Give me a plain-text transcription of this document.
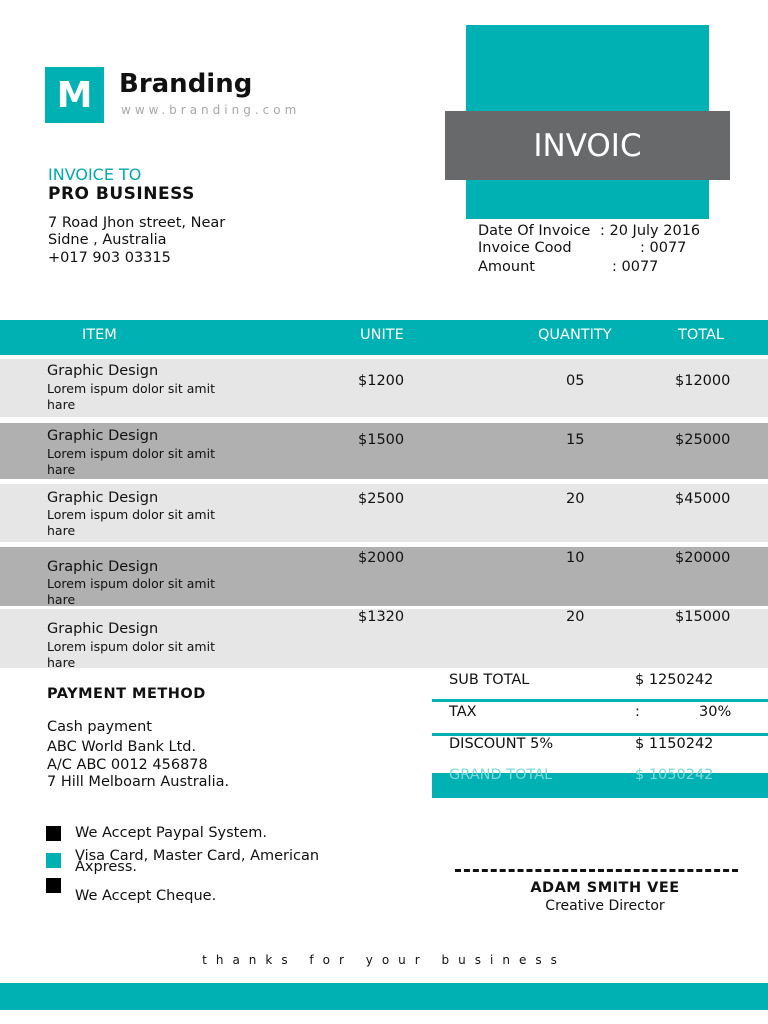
M	Branding
www.branding.com
INVOIC
INVOICE TO
PRO BUSINESS
7 Road Jhon street, Near
Sidne , Australia
+017 903 03315
Date Of Invoice : 20 July 2016
Invoice Cood	: 0077
Amount	: 0077
ITEM	UNITE	QUANTITY	TOTAL
Graphic Design
Lorem ispum dolor sit amit hare
$1200	05	$12000
Graphic Design
Lorem ispum dolor sit amit hare
$1500	15	$25000
Graphic Design
Lorem ispum dolor sit amit hare
$2500	20	$45000
Graphic Design
Lorem ispum dolor sit amit hare
$2000	10	$20000
Graphic Design
Lorem ispum dolor sit amit hare
$1320	20	$15000
PAYMENT METHOD
Cash payment
ABC World Bank Ltd.
A/C ABC 0012 456878
7 Hill Melboarn Australia.
SUB TOTAL	$ 1250242
TAX	:	30%
DISCOUNT 5%	$ 1150242
GRAND TOTAL	$ 1050242
We Accept Paypal System.
Visa Card, Master Card, American Axpress.
We Accept Cheque.	ADAM SMITH VEE
Creative Director
thanks for your business
